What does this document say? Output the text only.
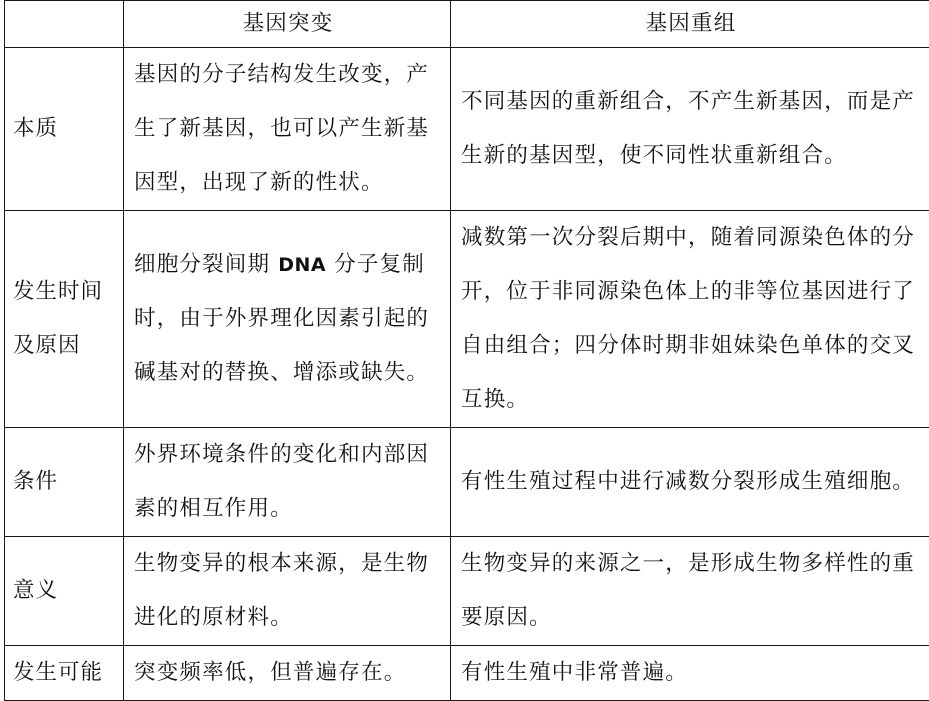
	基因突变	基因重组
本质	基因的分子结构发生改变，产生了新基因，也可以产生新基因型，出现了新的性状。	不同基因的重新组合，不产生新基因，而是产生新的基因型，使不同性状重新组合。
发生时间及原因	细胞分裂间期 DNA 分子复制时，由于外界理化因素引起的碱基对的替换、增添或缺失。	减数第一次分裂后期中，随着同源染色体的分开，位于非同源染色体上的非等位基因进行了自由组合；四分体时期非姐妹染色单体的交叉互换。
条件	外界环境条件的变化和内部因素的相互作用。	有性生殖过程中进行减数分裂形成生殖细胞。
意义	生物变异的根本来源，是生物进化的原材料。	生物变异的来源之一，是形成生物多样性的重要原因。
发生可能	突变频率低，但普遍存在。	有性生殖中非常普遍。
